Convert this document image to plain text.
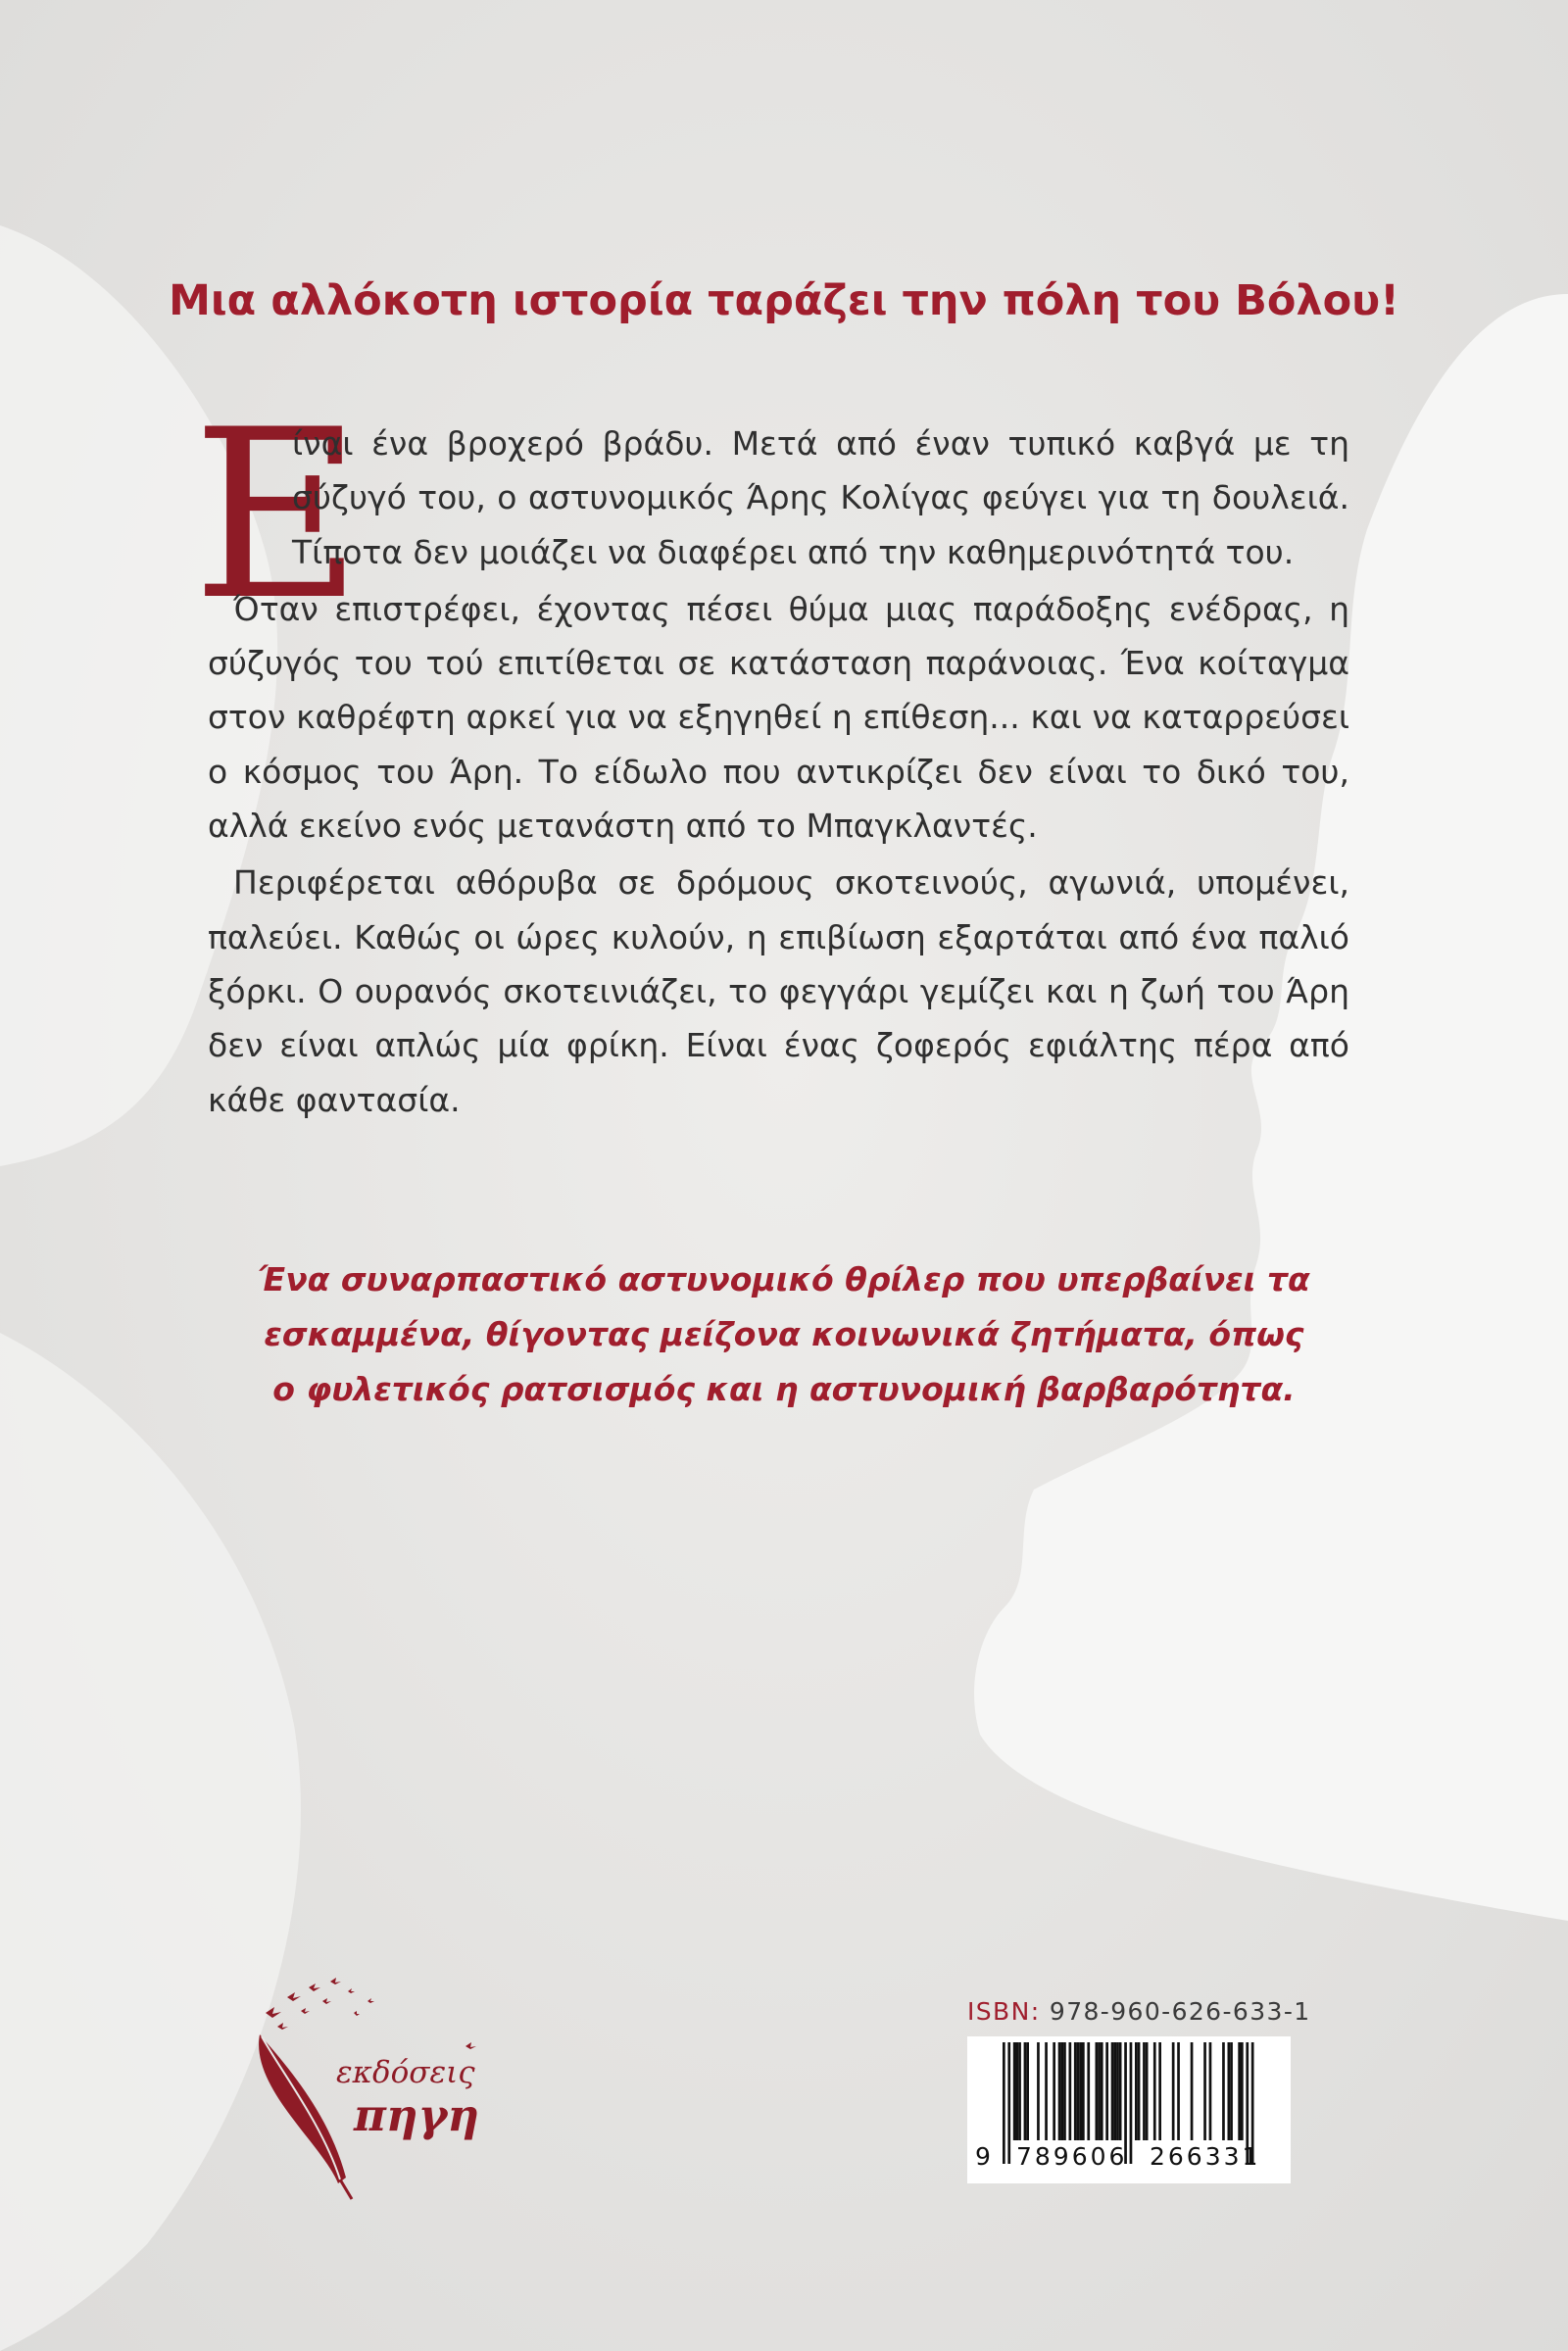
Μια αλλόκοτη ιστορία ταράζει την πόλη του Βόλου!
Ε

ίναι ένα βροχερό βράδυ. Μετά από έναν τυπικό καβγά με τη σύζυγό του, ο αστυνομικός Άρης Κολίγας φεύγει για τη δουλειά. Τίποτα δεν μοιάζει να διαφέρει από την καθημερινότητά του.

Όταν επιστρέφει, έχοντας πέσει θύμα μιας παράδοξης ενέδρας, η σύζυγός του τού επιτίθεται σε κατάσταση παράνοιας. Ένα κοίταγμα στον καθρέφτη αρκεί για να εξηγηθεί η επίθεση... και να καταρρεύσει ο κόσμος του Άρη. Το είδωλο που αντικρίζει δεν είναι το δικό του, αλλά εκείνο ενός μετανάστη από το Μπαγκλαντές.

Περιφέρεται αθόρυβα σε δρόμους σκοτεινούς, αγωνιά, υπομένει, παλεύει. Καθώς οι ώρες κυλούν, η επιβίωση εξαρτάται από ένα παλιό ξόρκι. Ο ουρανός σκοτεινιάζει, το φεγγάρι γεμίζει και η ζωή του Άρη δεν είναι απλώς μία φρίκη. Είναι ένας ζοφερός εφιάλτης πέρα από κάθε φαντασία.

Ένα συναρπαστικό αστυνομικό θρίλερ που υπερβαίνει τα
εσκαμμένα, θίγοντας μείζονα κοινωνικά ζητήματα, όπως
ο φυλετικός ρατσισμός και η αστυνομική βαρβαρότητα.

εκδόσεις
πηγη
ISBN: 978-960-626-633-1
9 789606 266331
